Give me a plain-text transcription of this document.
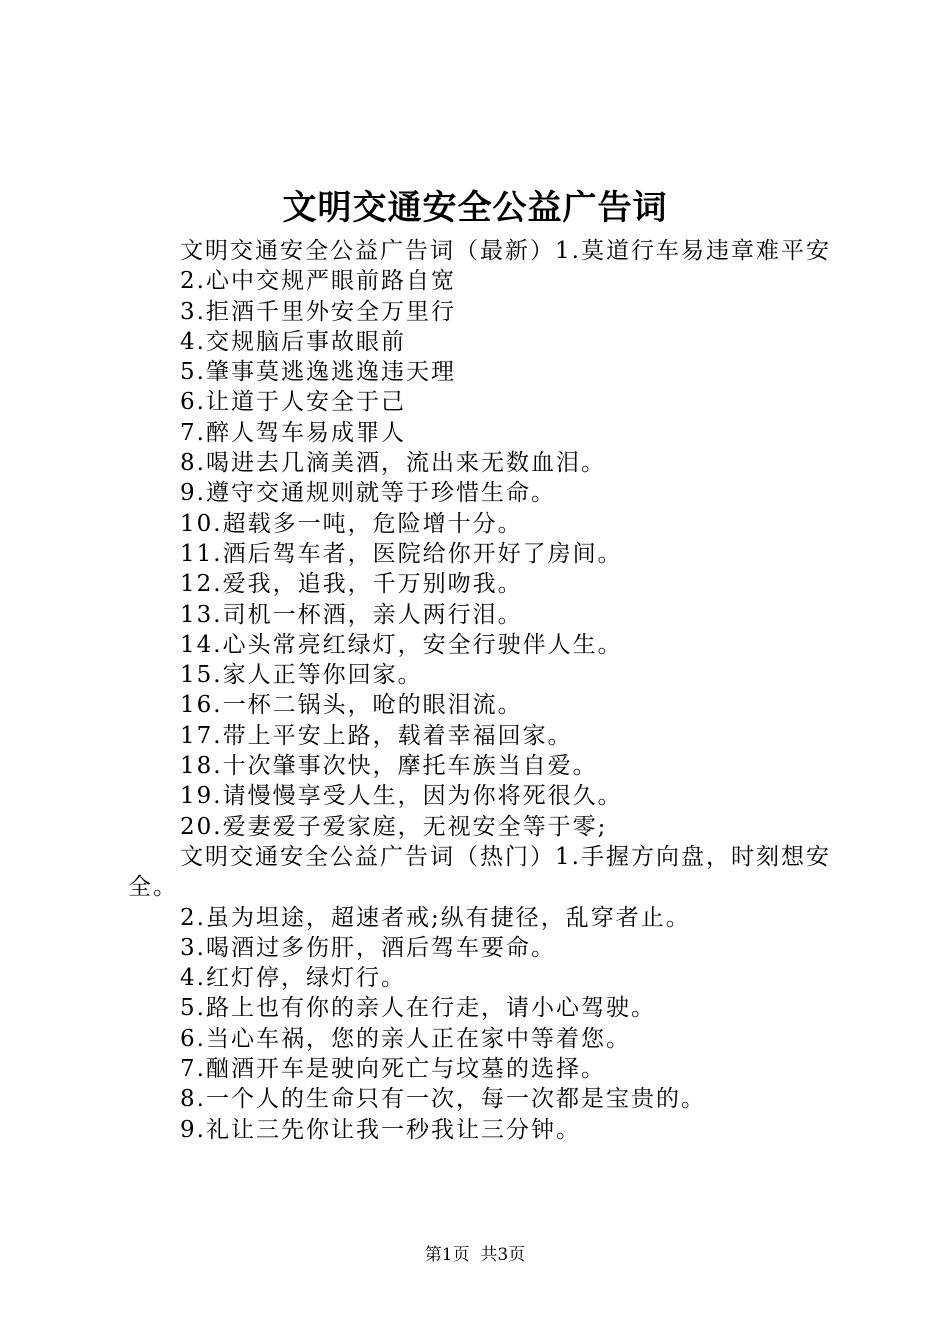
文明交通安全公益广告词

文明交通安全公益广告词（最新）1.莫道行车易违章难平安

2.心中交规严眼前路自宽

3.拒酒千里外安全万里行

4.交规脑后事故眼前

5.肇事莫逃逸逃逸违天理

6.让道于人安全于己

7.醉人驾车易成罪人

8.喝进去几滴美酒，流出来无数血泪。

9.遵守交通规则就等于珍惜生命。

10.超载多一吨，危险增十分。

11.酒后驾车者，医院给你开好了房间。

12.爱我，追我，千万别吻我。

13.司机一杯酒，亲人两行泪。

14.心头常亮红绿灯，安全行驶伴人生。

15.家人正等你回家。

16.一杯二锅头，呛的眼泪流。

17.带上平安上路，载着幸福回家。

18.十次肇事次快，摩托车族当自爱。

19.请慢慢享受人生，因为你将死很久。

20.爱妻爱子爱家庭，无视安全等于零;

文明交通安全公益广告词（热门）1.手握方向盘，时刻想安全。

2.虽为坦途，超速者戒;纵有捷径，乱穿者止。

3.喝酒过多伤肝，酒后驾车要命。

4.红灯停，绿灯行。

5.路上也有你的亲人在行走，请小心驾驶。

6.当心车祸，您的亲人正在家中等着您。

7.酗酒开车是驶向死亡与坟墓的选择。

8.一个人的生命只有一次，每一次都是宝贵的。

9.礼让三先你让我一秒我让三分钟。

第1页  共3页
